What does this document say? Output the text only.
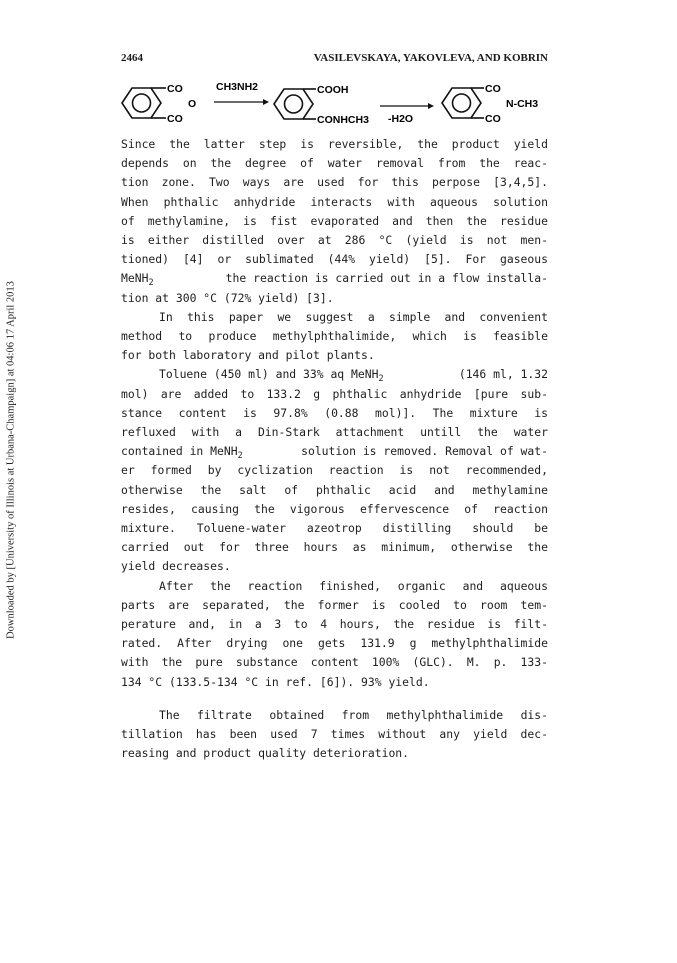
Downloaded by [University of Illinois at Urbana-Champaign] at 04:06 17 April 2013
2464	VASILEVSKAYA, YAKOVLEVA, AND KOBRIN
CO
O
CO
CH3NH2	COOH
CONHCH3 -H2O
CO
N-CH3
CO
Since the latter step is reversible, the product yield
depends on the degree of water removal from the reac-
tion zone. Two ways are used for this perpose [3,4,5].
When phthalic anhydride interacts with aqueous solution
of methylamine, is fist evaporated and then the residue
is either distilled over at 286 °C (yield is not men-
tioned) [4] or sublimated (44% yield) [5]. For gaseous
MeNH$_2$	the reaction is carried out in a flow installa-
tion at 300 °C (72% yield) [3].
In this paper we suggest a simple and convenient
method to produce methylphthalimide, which is feasible
for both laboratory and pilot plants.
Toluene (450 ml) and 33% aq MeNH$_2$	(146 ml, 1.32
mol) are added to 133.2 g phthalic anhydride [pure sub-
stance content is 97.8% (0.88 mol)]. The mixture is
refluxed with a Din-Stark attachment untill the water
contained in MeNH$_2$	solution is removed. Removal of wat-
er formed by cyclization reaction is not recommended,
otherwise the salt of phthalic acid and methylamine
resides, causing the vigorous effervescence of reaction
mixture. Toluene-water azeotrop distilling should be
carried out for three hours as minimum, otherwise the
yield decreases.
After the reaction finished, organic and aqueous
parts are separated, the former is cooled to room tem-
perature and, in a 3 to 4 hours, the residue is filt-
rated. After drying one gets 131.9 g methylphthalimide
with the pure substance content 100% (GLC). M. p. 133-
134 °C (133.5-134 °C in ref. [6]). 93% yield.
The filtrate obtained from methylphthalimide dis-
tillation has been used 7 times without any yield dec-
reasing and product quality deterioration.
